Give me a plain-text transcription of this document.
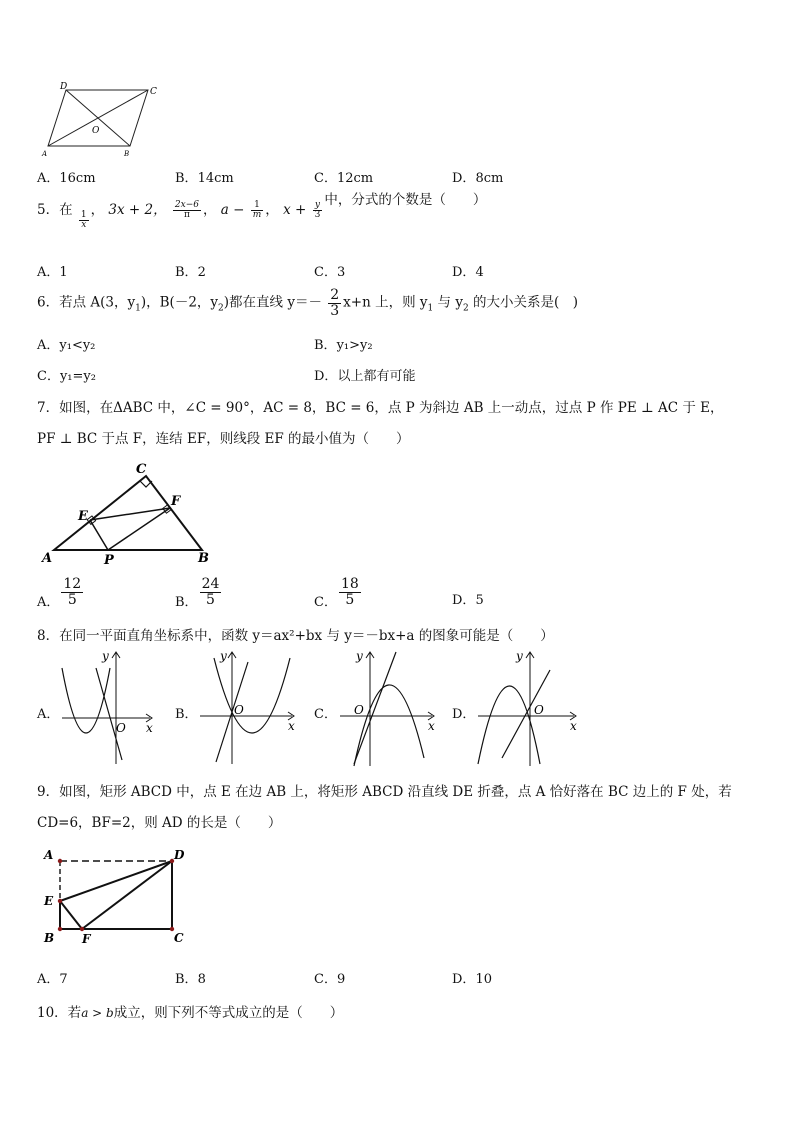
D	C
O
A	B
A．16cm	B．14cm	C．12cm	D．8cm
5．在
$\frac{1}{x}$
， 3x + 2， $\frac{2x-6}{\pi}$ ， $a - \frac{1}{m}$ ， $x + \frac{y}{3}$
中，分式的个数是（　　）
A．1	B．2	C．3	D．4
6．若点 A(3，$y_1$)，B(－2，$y_2$)都在直线 $y=- \frac{2}{3} x+n$ 上，则 $y_1$ 与 $y_2$ 的大小关系是(　)
A．y₁<y₂	B．y₁>y₂
C．y₁=y₂	D．以上都有可能
7．如图，在ΔABC 中，∠C = 90°，AC = 8，BC = 6，点 P 为斜边 AB 上一动点，过点 P 作 PE ⊥ AC 于 E，
PF ⊥ BC 于点 F，连结 EF，则线段 EF 的最小值为（　　）
C
E
F
A	P	B
A． $\frac{12}{5}$	B． $\frac{24}{5}$	C． $\frac{18}{5}$	D．5
8．在同一平面直角坐标系中，函数 y＝ax²+bx 与 y＝－bx+a 的图象可能是（　　）
A．
y
x
O
B．
y
x
O	C．
y
x
O	D．
y
x
O
9．如图，矩形 ABCD 中，点 E 在边 AB 上，将矩形 ABCD 沿直线 DE 折叠，点 A 恰好落在 BC 边上的 F 处，若
CD=6，BF=2，则 AD 的长是（　　）
A	D
E
B F	C
A．7	B．8	C．9	D．10
10．若a > b成立，则下列不等式成立的是（　　）
